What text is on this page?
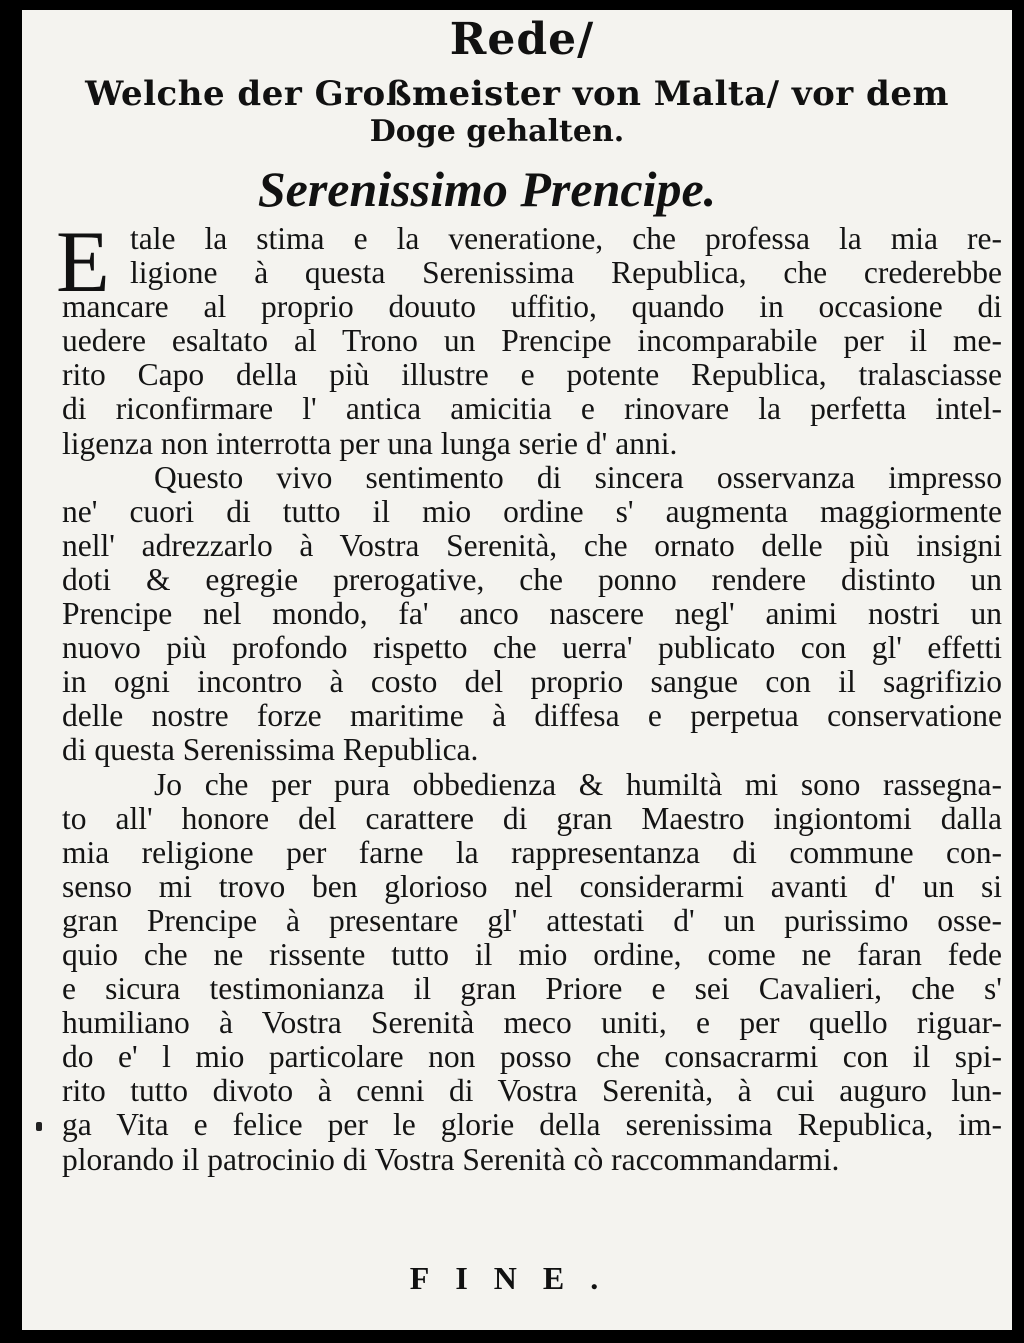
Rede/
Welche der Großmeister von Malta/ vor dem
Doge gehalten.
Serenissimo Prencipe.
E tale la stima e la veneratione, che professa la mia re-
ligione à questa Serenissima Republica, che crederebbe
mancare al proprio douuto uffitio, quando in occasione di
uedere esaltato al Trono un Prencipe incomparabile per il me-
rito Capo della più illustre e potente Republica, tralasciasse
di riconfirmare l' antica amicitia e rinovare la perfetta intel-
ligenza non interrotta per una lunga serie d' anni.
Questo vivo sentimento di sincera osservanza impresso
ne' cuori di tutto il mio ordine s' augmenta maggiormente
nell' adrezzarlo à Vostra Serenità, che ornato delle più insigni
doti & egregie prerogative, che ponno rendere distinto un
Prencipe nel mondo, fa' anco nascere negl' animi nostri un
nuovo più profondo rispetto che uerra' publicato con gl' effetti
in ogni incontro à costo del proprio sangue con il sagrifizio
delle nostre forze maritime à diffesa e perpetua conservatione
di questa Serenissima Republica.
Jo che per pura obbedienza & humiltà mi sono rassegna-
to all' honore del carattere di gran Maestro ingiontomi dalla
mia religione per farne la rappresentanza di commune con-
senso mi trovo ben glorioso nel considerarmi avanti d' un si
gran Prencipe à presentare gl' attestati d' un purissimo osse-
quio che ne rissente tutto il mio ordine, come ne faran fede
e sicura testimonianza il gran Priore e sei Cavalieri, che s'
humiliano à Vostra Serenità meco uniti, e per quello riguar-
do e' l mio particolare non posso che consacrarmi con il spi-
rito tutto divoto à cenni di Vostra Serenità, à cui auguro lun-
ga Vita e felice per le glorie della serenissima Republica, im-
plorando il patrocinio di Vostra Serenità cò raccommandarmi.
FINE.
